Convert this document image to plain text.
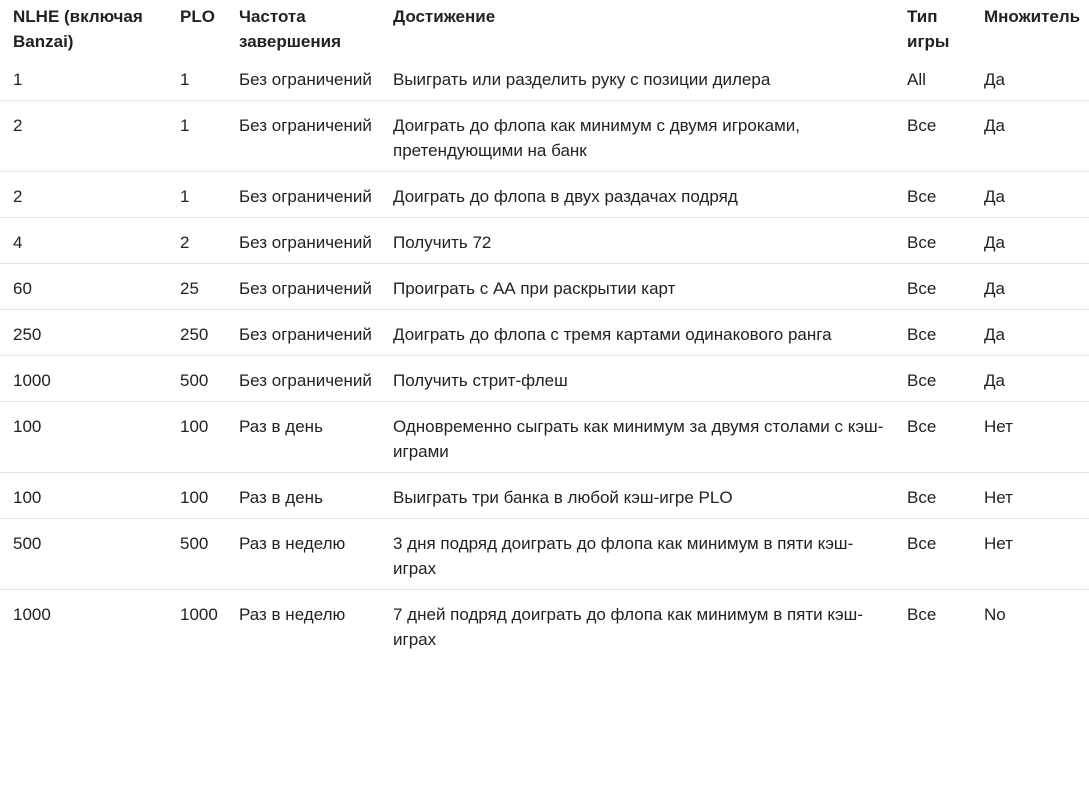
NLHE (включая Banzai)	PLO	Частота завершения	Достижение	Тип игры	Множитель
1	1	Без ограничений	Выиграть или разделить руку с позиции дилера	All	Да
2	1	Без ограничений	Доиграть до флопа как минимум с двумя игроками, претендующими на банк	Все	Да
2	1	Без ограничений	Доиграть до флопа в двух раздачах подряд	Все	Да
4	2	Без ограничений	Получить 72	Все	Да
60	25	Без ограничений	Проиграть с АА при раскрытии карт	Все	Да
250	250	Без ограничений	Доиграть до флопа с тремя картами одинакового ранга	Все	Да
1000	500	Без ограничений	Получить стрит-флеш	Все	Да
100	100	Раз в день	Одновременно сыграть как минимум за двумя столами с кэш-играми	Все	Нет
100	100	Раз в день	Выиграть три банка в любой кэш-игре PLO	Все	Нет
500	500	Раз в неделю	3 дня подряд доиграть до флопа как минимум в пяти кэш-играх	Все	Нет
1000	1000	Раз в неделю	7 дней подряд доиграть до флопа как минимум в пяти кэш-играх	Все	No
